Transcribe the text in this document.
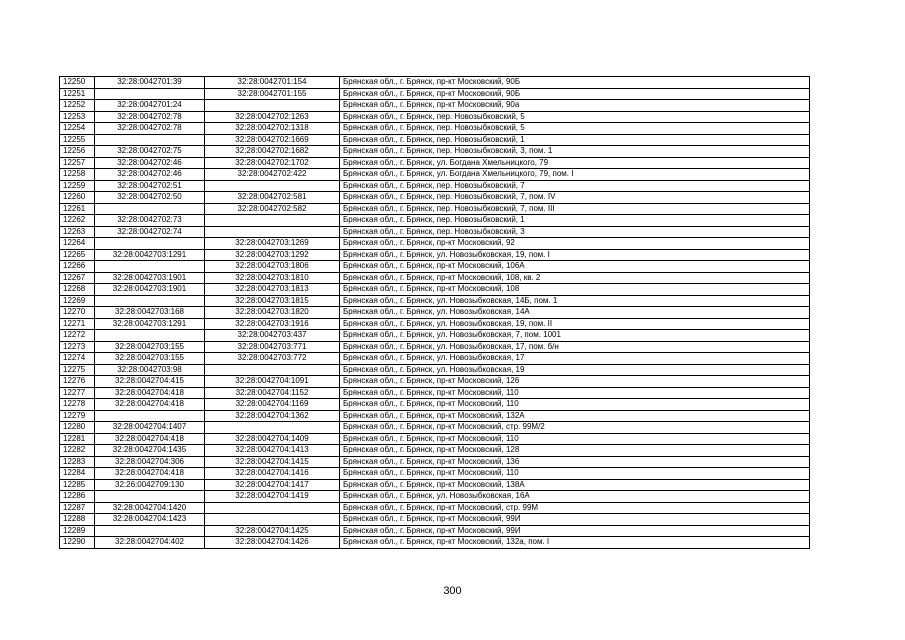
12250	32:28:0042701:39	32:28:0042701:154	Брянская обл., г. Брянск, пр-кт Московский, 90Б
12251		32:28:0042701:155	Брянская обл., г. Брянск, пр-кт Московский, 90Б
12252	32:28:0042701:24		Брянская обл., г. Брянск, пр-кт Московский, 90а
12253	32:28:0042702:78	32:28:0042702:1263	Брянская обл., г. Брянск, пер. Новозыбковский, 5
12254	32:28:0042702:78	32:28:0042702:1318	Брянская обл., г. Брянск, пер. Новозыбковский, 5
12255		32:28:0042702:1669	Брянская обл., г. Брянск, пер. Новозыбковский, 1
12256	32:28:0042702:75	32:28:0042702:1682	Брянская обл., г. Брянск, пер. Новозыбковский, 3, пом. 1
12257	32:28:0042702:46	32:28:0042702:1702	Брянская обл., г. Брянск, ул. Богдана Хмельницкого, 79
12258	32:28:0042702:46	32:28:0042702:422	Брянская обл., г. Брянск, ул. Богдана Хмельницкого, 79, пом. I
12259	32:28:0042702:51		Брянская обл., г. Брянск, пер. Новозыбковский, 7
12260	32:28:0042702:50	32:28:0042702:581	Брянская обл., г. Брянск, пер. Новозыбковский, 7, пом. IV
12261		32:28:0042702:582	Брянская обл., г. Брянск, пер. Новозыбковский, 7, пом. III
12262	32:28:0042702:73		Брянская обл., г. Брянск, пер. Новозыбковский, 1
12263	32:28:0042702:74		Брянская обл., г. Брянск, пер. Новозыбковский, 3
12264		32:28:0042703:1269	Брянская обл., г. Брянск, пр-кт Московский, 92
12265	32:28:0042703:1291	32:28:0042703:1292	Брянская обл., г. Брянск, ул. Новозыбковская, 19, пом. I
12266		32:28:0042703:1806	Брянская обл., г. Брянск, пр-кт Московский, 106А
12267	32:28:0042703:1901	32:28:0042703:1810	Брянская обл., г. Брянск, пр-кт Московский, 108, кв. 2
12268	32:28:0042703:1901	32:28:0042703:1813	Брянская обл., г. Брянск, пр-кт Московский, 108
12269		32:28:0042703:1815	Брянская обл., г. Брянск, ул. Новозыбковская, 14Б, пом. 1
12270	32:28:0042703:168	32:28:0042703:1820	Брянская обл., г. Брянск, ул. Новозыбковская, 14А
12271	32:28:0042703:1291	32:28:0042703:1916	Брянская обл., г. Брянск, ул. Новозыбковская, 19, пом. II
12272		32:28:0042703:437	Брянская обл., г. Брянск, ул. Новозыбковская, 7, пом. 1001
12273	32:28:0042703:155	32:28:0042703:771	Брянская обл., г. Брянск, ул. Новозыбковская, 17, пом. б/н
12274	32:28:0042703:155	32:28:0042703:772	Брянская обл., г. Брянск, ул. Новозыбковская, 17
12275	32:28:0042703:98		Брянская обл., г. Брянск, ул. Новозыбковская, 19
12276	32:28:0042704:415	32:28:0042704:1091	Брянская обл., г. Брянск, пр-кт Московский, 126
12277	32:28:0042704:418	32:28:0042704:1152	Брянская обл., г. Брянск, пр-кт Московский, 110
12278	32:28:0042704:418	32:28:0042704:1169	Брянская обл., г. Брянск, пр-кт Московский, 110
12279		32:28:0042704:1362	Брянская обл., г. Брянск, пр-кт Московский, 132А
12280	32:28:0042704:1407		Брянская обл., г. Брянск, пр-кт Московский, стр. 99М/2
12281	32:28:0042704:418	32:28:0042704:1409	Брянская обл., г. Брянск, пр-кт Московский, 110
12282	32:28:0042704:1435	32:28:0042704:1413	Брянская обл., г. Брянск, пр-кт Московский, 128
12283	32:28:0042704:306	32:28:0042704:1415	Брянская обл., г. Брянск, пр-кт Московский, 136
12284	32:28:0042704:418	32:28:0042704:1416	Брянская обл., г. Брянск, пр-кт Московский, 110
12285	32:26:0042709:130	32:28:0042704:1417	Брянская обл., г. Брянск, пр-кт Московский, 138А
12286		32:28:0042704:1419	Брянская обл., г. Брянск, ул. Новозыбковская, 16А
12287	32:28:0042704:1420		Брянская обл., г. Брянск, пр-кт Московский, стр. 99М
12288	32:28:0042704:1423		Брянская обл., г. Брянск, пр-кт Московский, 99И
12289		32:28:0042704:1425	Брянская обл., г. Брянск, пр-кт Московский, 99И
12290	32:28:0042704:402	32:28:0042704:1426	Брянская обл., г. Брянск, пр-кт Московский, 132а, пом. I
300
